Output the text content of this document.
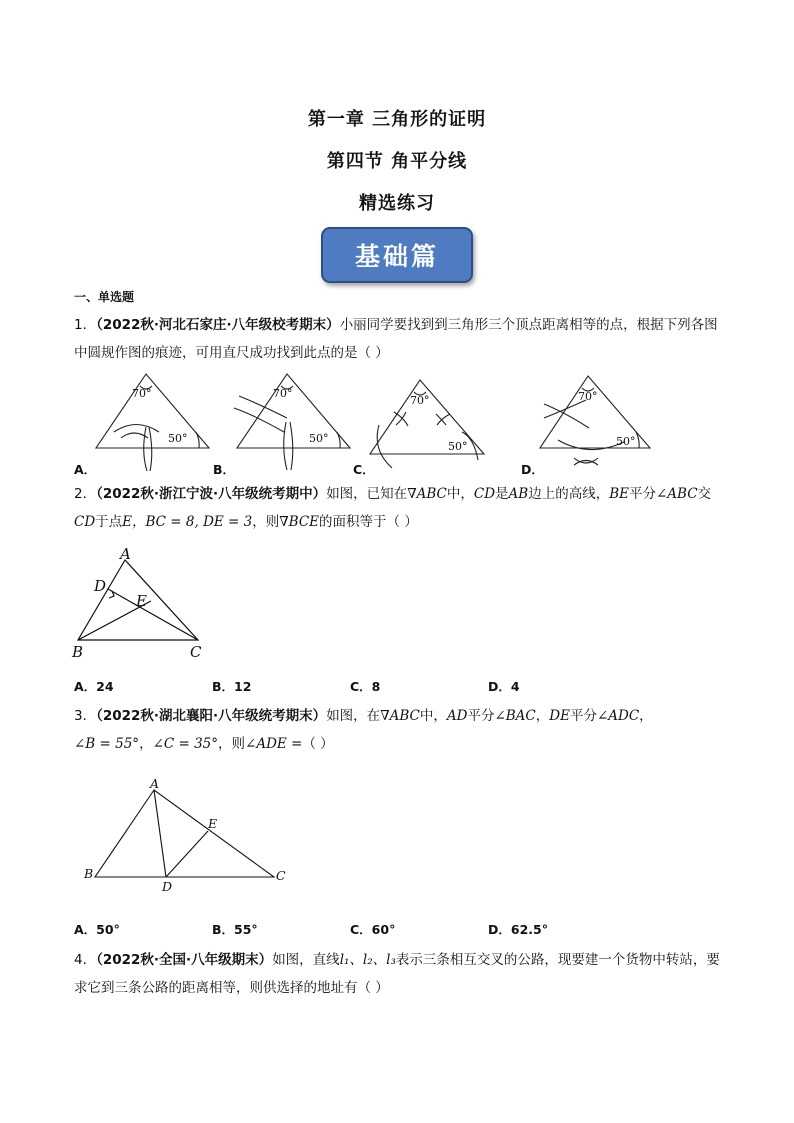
第一章 三角形的证明
第四节 角平分线
精选练习
基础篇
一、单选题
1．（2022秋·河北石家庄·八年级校考期末）小丽同学要找到到三角形三个顶点距离相等的点，根据下列各图
中圆规作图的痕迹，可用直尺成功找到此点的是（ ）
70°
50°
70°
50°
70°
50°
70°
50°
A．	B．	C．	D．
2．（2022秋·浙江宁波·八年级统考期中）如图，已知在∇ABC中，CD是AB边上的高线，BE平分∠ABC交
CD于点E，BC = 8, DE = 3，则∇BCE的面积等于（ ）
A
D
E
B	C
A．24	B．12	C．8	D．4
3．（2022秋·湖北襄阳·八年级统考期末）如图，在∇ABC中，AD平分∠BAC，DE平分∠ADC，
∠B = 55°，∠C = 35°，则∠ADE =（ ）
A
E
B
D
C
A．50°	B．55°	C．60°	D．62.5°
4．（2022秋·全国·八年级期末）如图，直线l₁、l₂、l₃表示三条相互交叉的公路，现要建一个货物中转站，要
求它到三条公路的距离相等，则供选择的地址有（ ）
